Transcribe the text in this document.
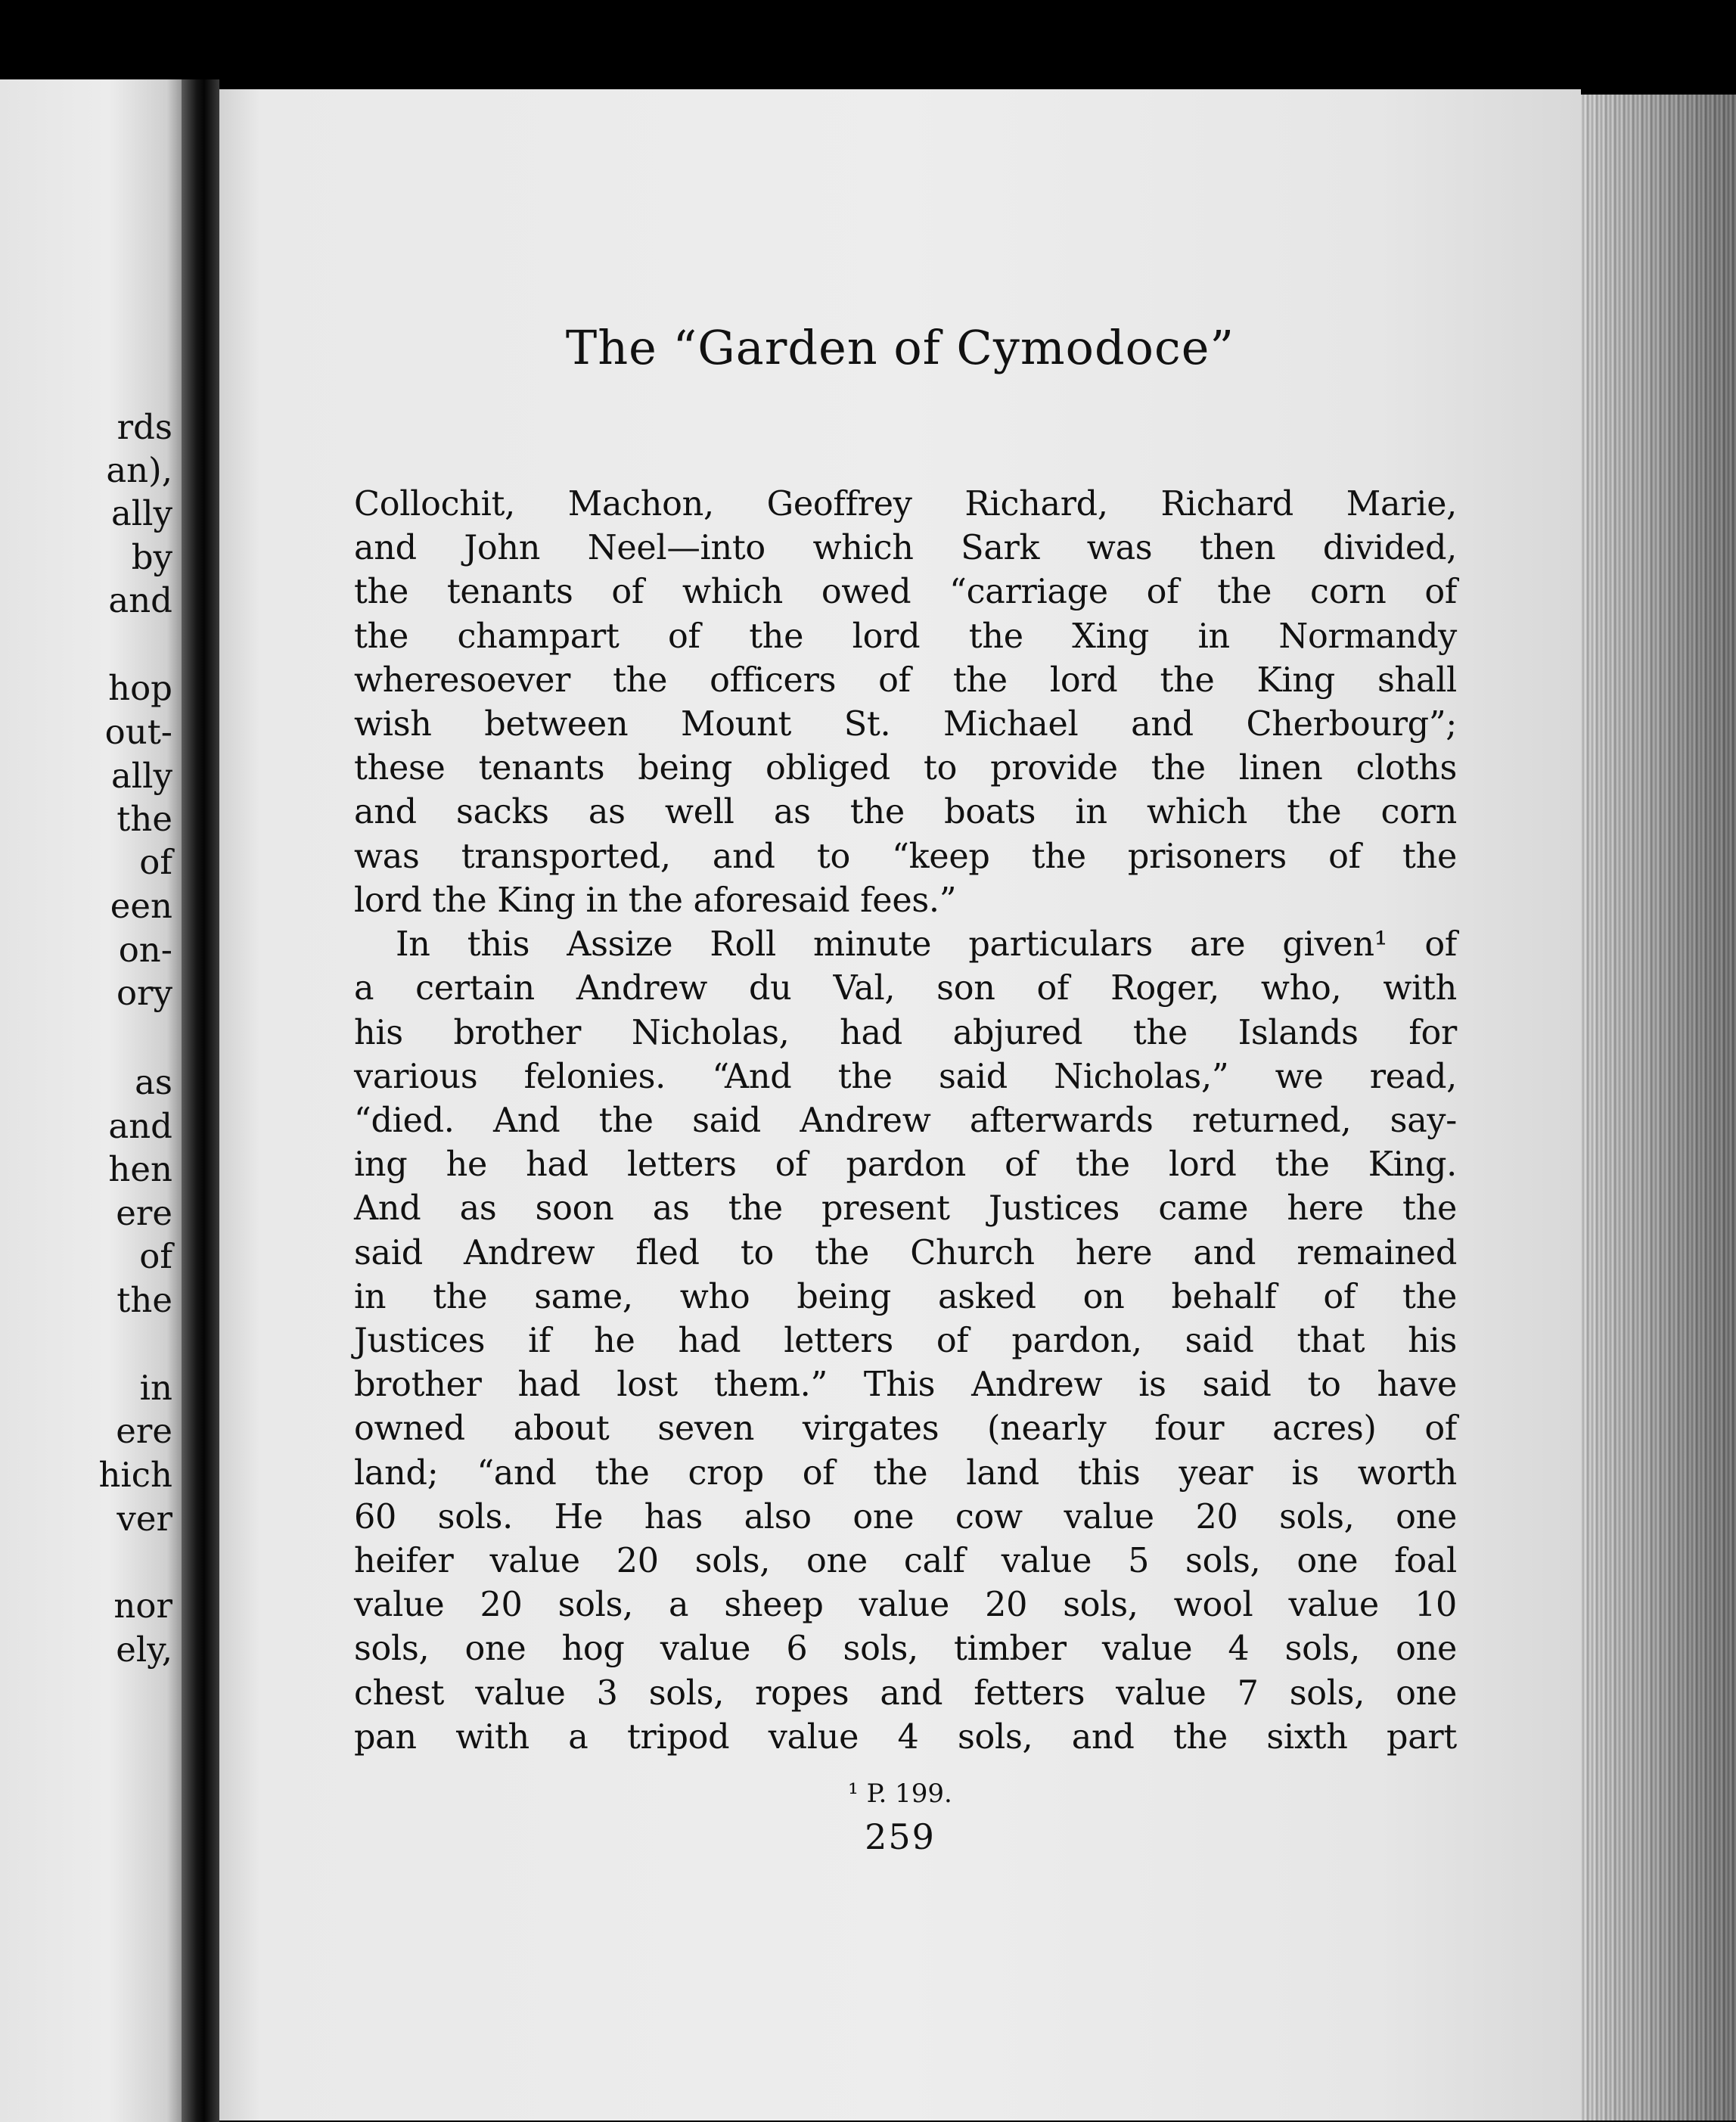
rds
an),
ally
by
and
hop
out-
ally
the
of
een
on-
ory
as
and
hen
ere
of
the
in
ere
hich
ver
nor
ely,
The “Garden of Cymodoce”
Collochit, Machon, Geoffrey Richard, Richard Marie,
and John Neel—into which Sark was then divided,
the tenants of which owed “carriage of the corn of
the champart of the lord the Xing in Normandy
wheresoever the officers of the lord the King shall
wish between Mount St. Michael and Cherbourg”;
these tenants being obliged to provide the linen cloths
and sacks as well as the boats in which the corn
was transported, and to “keep the prisoners of the
lord the King in the aforesaid fees.”
In this Assize Roll minute particulars are given¹ of
a certain Andrew du Val, son of Roger, who, with
his brother Nicholas, had abjured the Islands for
various felonies. “And the said Nicholas,” we read,
“died. And the said Andrew afterwards returned, say-
ing he had letters of pardon of the lord the King.
And as soon as the present Justices came here the
said Andrew fled to the Church here and remained
in the same, who being asked on behalf of the
Justices if he had letters of pardon, said that his
brother had lost them.” This Andrew is said to have
owned about seven virgates (nearly four acres) of
land; “and the crop of the land this year is worth
60 sols. He has also one cow value 20 sols, one
heifer value 20 sols, one calf value 5 sols, one foal
value 20 sols, a sheep value 20 sols, wool value 10
sols, one hog value 6 sols, timber value 4 sols, one
chest value 3 sols, ropes and fetters value 7 sols, one
pan with a tripod value 4 sols, and the sixth part
¹ P. 199.
259
